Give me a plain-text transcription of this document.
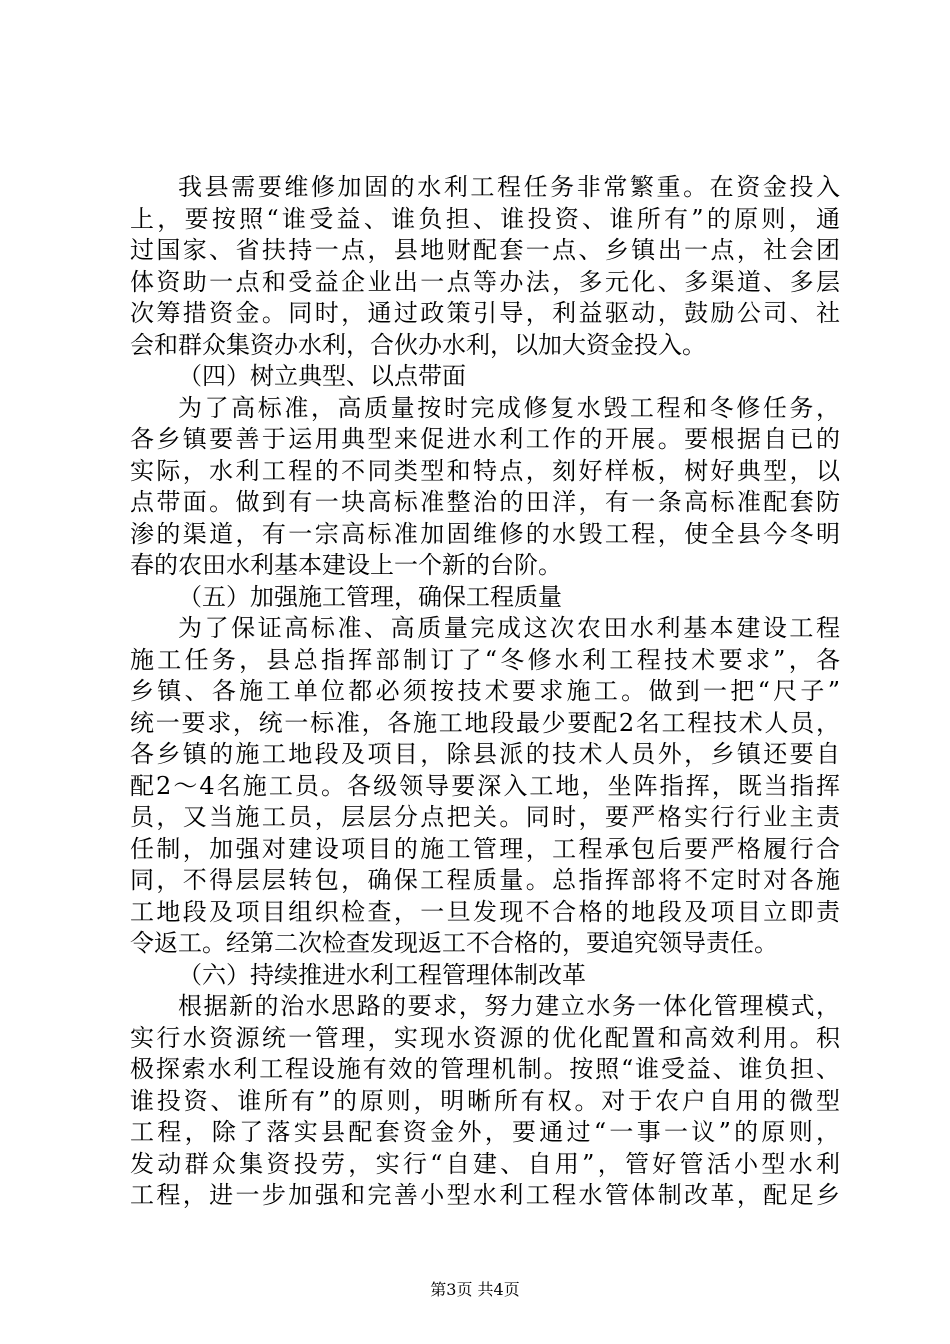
我县需要维修加固的水利工程任务非常繁重。在资金投入
上，要按照“谁受益、谁负担、谁投资、谁所有”的原则，通
过国家、省扶持一点，县地财配套一点、乡镇出一点，社会团
体资助一点和受益企业出一点等办法，多元化、多渠道、多层
次筹措资金。同时，通过政策引导，利益驱动，鼓励公司、社
会和群众集资办水利，合伙办水利，以加大资金投入。
（四）树立典型、以点带面
为了高标准，高质量按时完成修复水毁工程和冬修任务，
各乡镇要善于运用典型来促进水利工作的开展。要根据自已的
实际，水利工程的不同类型和特点，刻好样板，树好典型，以
点带面。做到有一块高标准整治的田洋，有一条高标准配套防
渗的渠道，有一宗高标准加固维修的水毁工程，使全县今冬明
春的农田水利基本建设上一个新的台阶。
（五）加强施工管理，确保工程质量
为了保证高标准、高质量完成这次农田水利基本建设工程
施工任务，县总指挥部制订了“冬修水利工程技术要求”，各
乡镇、各施工单位都必须按技术要求施工。做到一把“尺子”
统一要求，统一标准，各施工地段最少要配2名工程技术人员，
各乡镇的施工地段及项目，除县派的技术人员外，乡镇还要自
配2～4名施工员。各级领导要深入工地，坐阵指挥，既当指挥
员，又当施工员，层层分点把关。同时，要严格实行行业主责
任制，加强对建设项目的施工管理，工程承包后要严格履行合
同，不得层层转包，确保工程质量。总指挥部将不定时对各施
工地段及项目组织检查，一旦发现不合格的地段及项目立即责
令返工。经第二次检查发现返工不合格的，要追究领导责任。
（六）持续推进水利工程管理体制改革
根据新的治水思路的要求，努力建立水务一体化管理模式，
实行水资源统一管理，实现水资源的优化配置和高效利用。积
极探索水利工程设施有效的管理机制。按照“谁受益、谁负担、
谁投资、谁所有”的原则，明晰所有权。对于农户自用的微型
工程，除了落实县配套资金外，要通过“一事一议”的原则，
发动群众集资投劳，实行“自建、自用”，管好管活小型水利
工程，进一步加强和完善小型水利工程水管体制改革，配足乡
第3页 共4页
